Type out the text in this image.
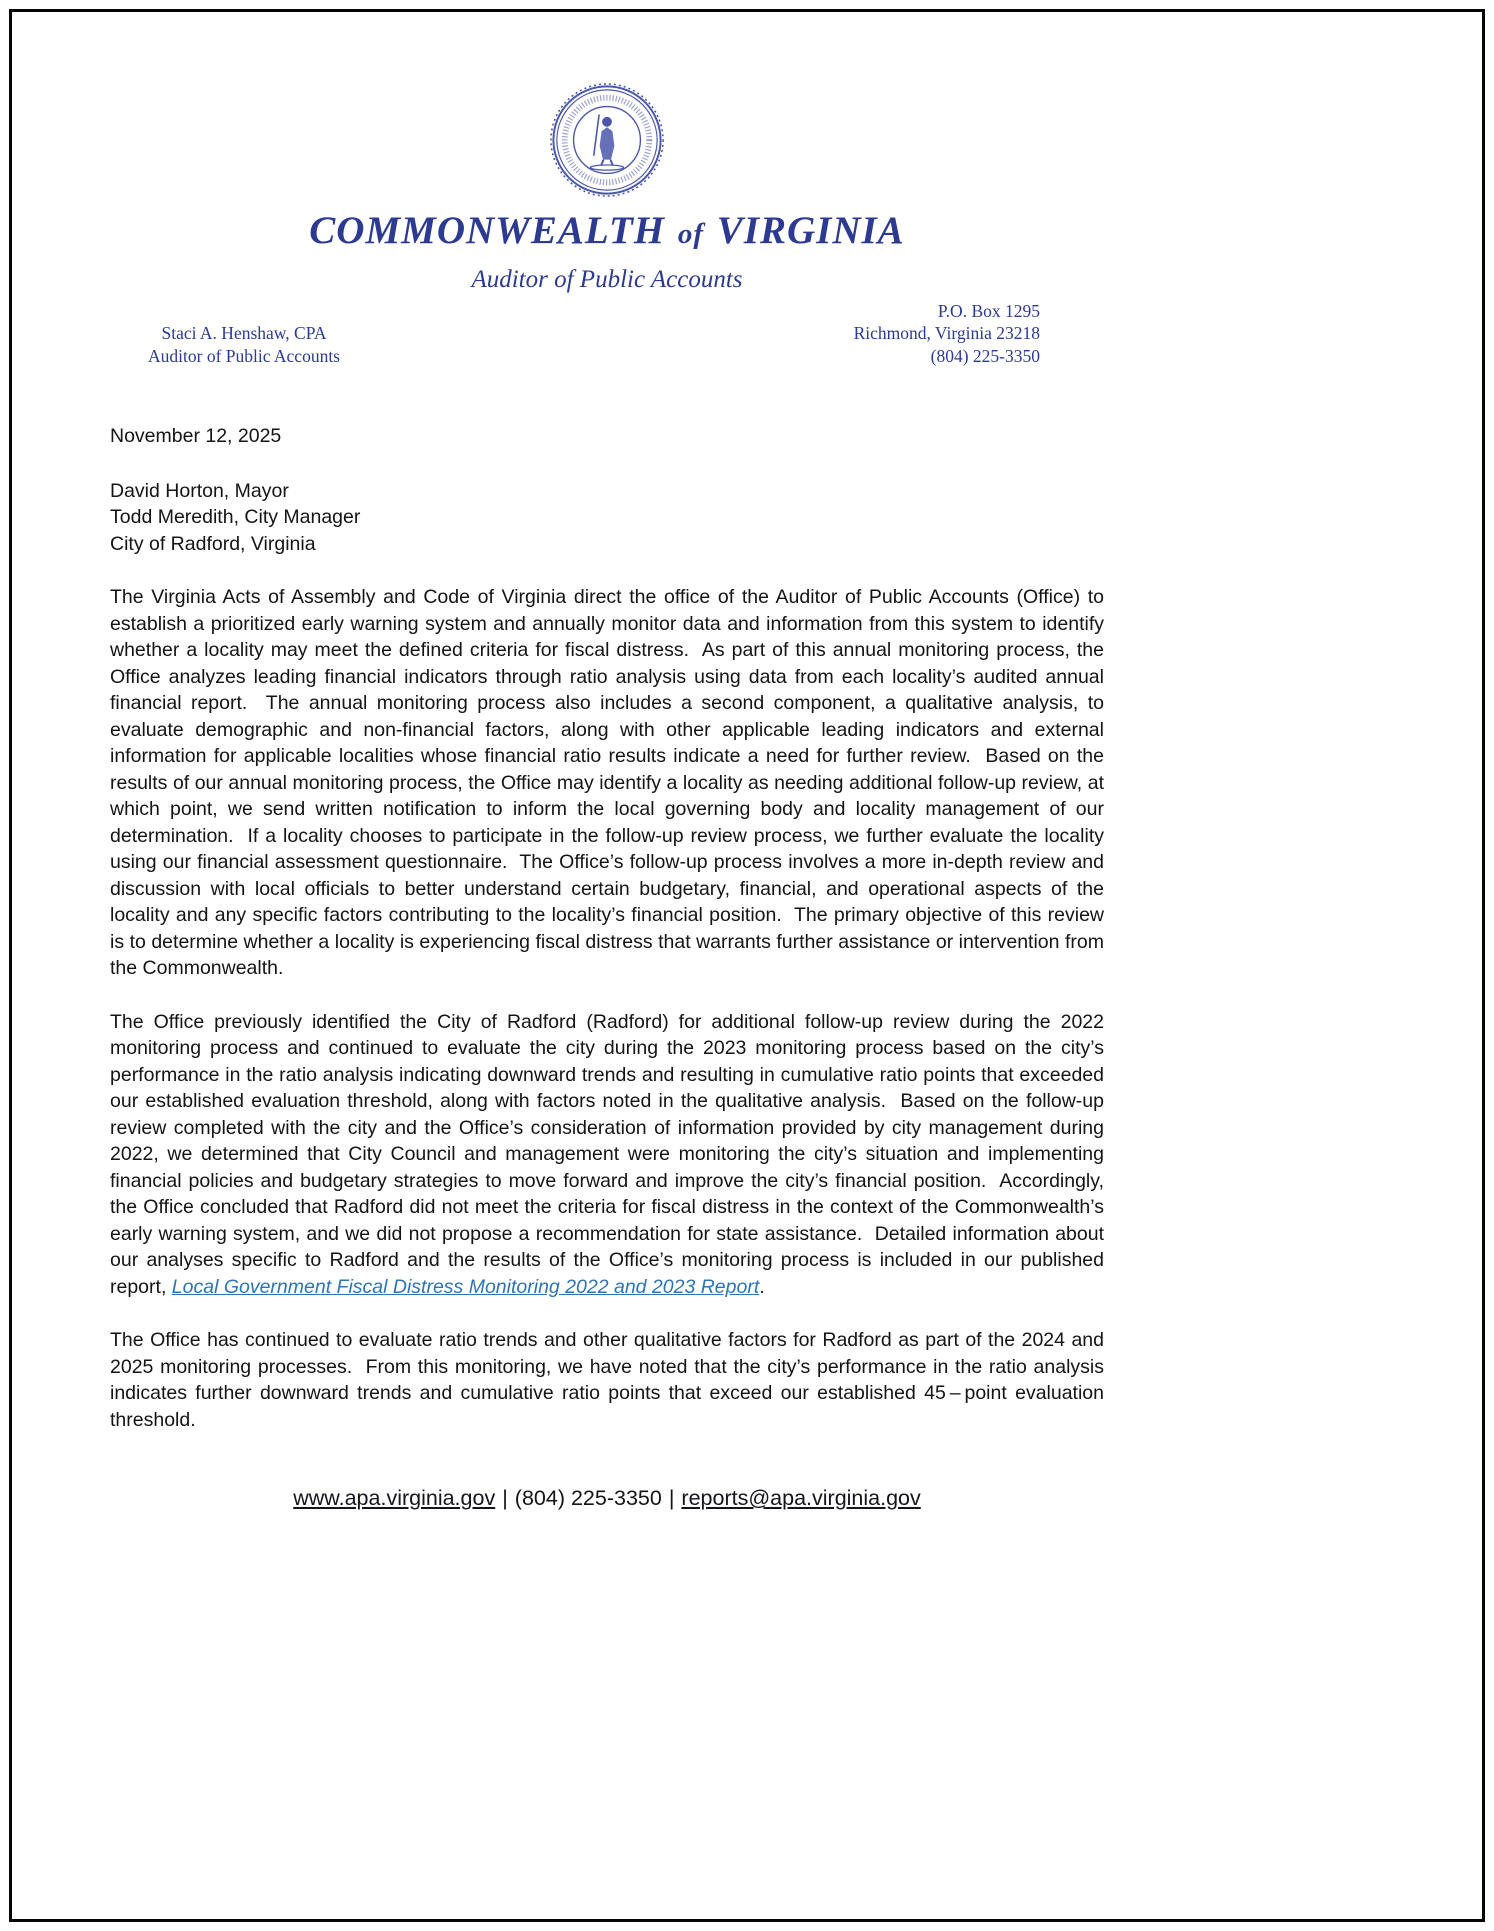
COMMONWEALTH of VIRGINIA
Auditor of Public Accounts
Staci A. Henshaw, CPA
Auditor of Public Accounts
P.O. Box 1295
Richmond, Virginia 23218
(804) 225-3350
November 12, 2025
David Horton, Mayor
Todd Meredith, City Manager
City of Radford, Virginia

The Virginia Acts of Assembly and Code of Virginia direct the office of the Auditor of Public Accounts (Office) to establish a prioritized early warning system and annually monitor data and information from this system to identify whether a locality may meet the defined criteria for fiscal distress.  As part of this annual monitoring process, the Office analyzes leading financial indicators through ratio analysis using data from each locality’s audited annual financial report.  The annual monitoring process also includes a second component, a qualitative analysis, to evaluate demographic and non-financial factors, along with other applicable leading indicators and external information for applicable localities whose financial ratio results indicate a need for further review.  Based on the results of our annual monitoring process, the Office may identify a locality as needing additional follow-up review, at which point, we send written notification to inform the local governing body and locality management of our determination.  If a locality chooses to participate in the follow-up review process, we further evaluate the locality using our financial assessment questionnaire.  The Office’s follow-up process involves a more in-depth review and discussion with local officials to better understand certain budgetary, financial, and operational aspects of the locality and any specific factors contributing to the locality’s financial position.  The primary objective of this review is to determine whether a locality is experiencing fiscal distress that warrants further assistance or intervention from the Commonwealth.

The Office previously identified the City of Radford (Radford) for additional follow-up review during the 2022 monitoring process and continued to evaluate the city during the 2023 monitoring process based on the city’s performance in the ratio analysis indicating downward trends and resulting in cumulative ratio points that exceeded our established evaluation threshold, along with factors noted in the qualitative analysis.  Based on the follow-up review completed with the city and the Office’s consideration of information provided by city management during 2022, we determined that City Council and management were monitoring the city’s situation and implementing financial policies and budgetary strategies to move forward and improve the city’s financial position.  Accordingly, the Office concluded that Radford did not meet the criteria for fiscal distress in the context of the Commonwealth’s early warning system, and we did not propose a recommendation for state assistance.  Detailed information about our analyses specific to Radford and the results of the Office’s monitoring process is included in our published report, Local Government Fiscal Distress Monitoring 2022 and 2023 Report.

The Office has continued to evaluate ratio trends and other qualitative factors for Radford as part of the 2024 and 2025 monitoring processes.  From this monitoring, we have noted that the city’s performance in the ratio analysis indicates further downward trends and cumulative ratio points that exceed our established 45 – point evaluation threshold.

www.apa.virginia.gov | (804) 225-3350 | reports@apa.virginia.gov
